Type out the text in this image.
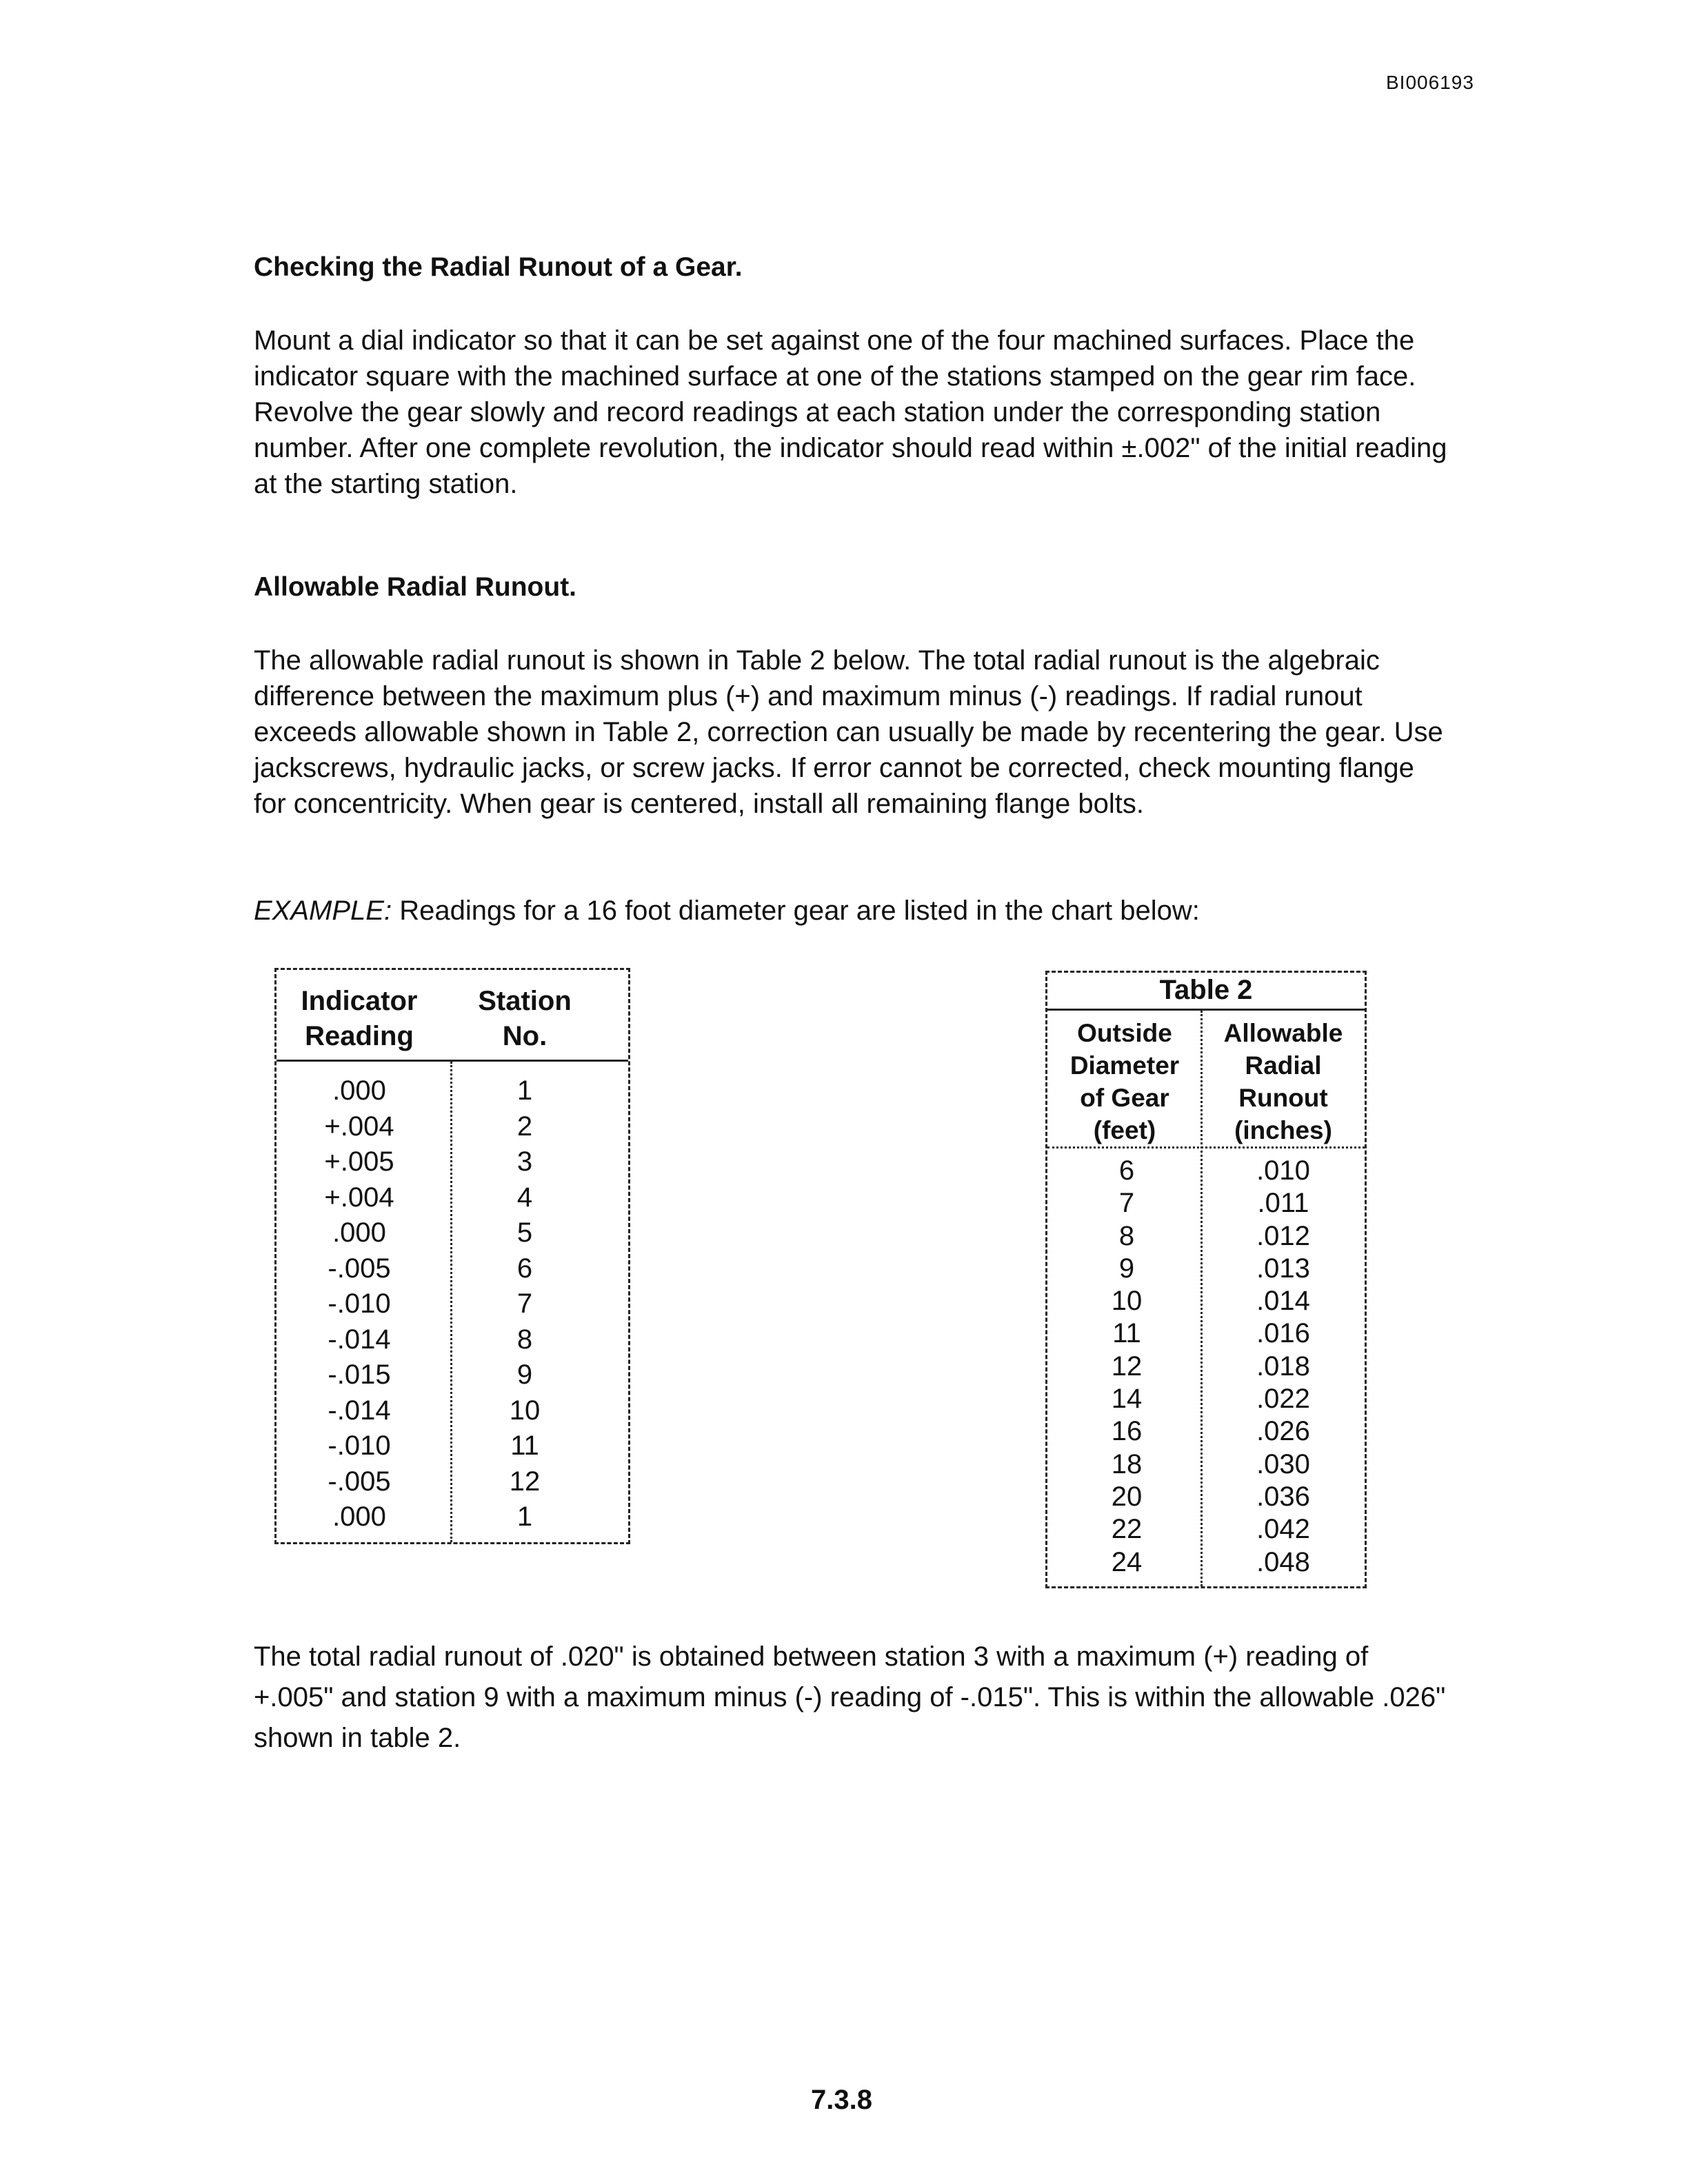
BI006193
Checking the Radial Runout of a Gear.

Mount a dial indicator so that it can be set against one of the four machined surfaces. Place the indicator square with the machined surface at one of the stations stamped on the gear rim face. Revolve the gear slowly and record readings at each station under the corresponding station number. After one complete revolution, the indicator should read within ±.002" of the initial reading at the starting station.

Allowable Radial Runout.

The allowable radial runout is shown in Table 2 below. The total radial runout is the algebraic difference between the maximum plus (+) and maximum minus (-) readings. If radial runout exceeds allowable shown in Table 2, correction can usually be made by recentering the gear. Use jackscrews, hydraulic jacks, or screw jacks. If error cannot be corrected, check mounting flange for concentricity. When gear is centered, install all remaining flange bolts.

EXAMPLE: Readings for a 16 foot diameter gear are listed in the chart below:

Indicator
Reading
Station
No.
.000
+.004
+.005
+.004
.000
-.005
-.010
-.014
-.015
-.014
-.010
-.005
.000
1
2
3
4
5
6
7
8
9
10
11
12
1
Table 2
Outside
Diameter
of Gear
(feet)
Allowable
Radial
Runout
(inches)
6
7
8
9
10
11
12
14
16
18
20
22
24
.010
.011
.012
.013
.014
.016
.018
.022
.026
.030
.036
.042
.048

The total radial runout of .020" is obtained between station 3 with a maximum (+) reading of +.005" and station 9 with a maximum minus (-) reading of -.015". This is within the allowable .026" shown in table 2.

7.3.8
